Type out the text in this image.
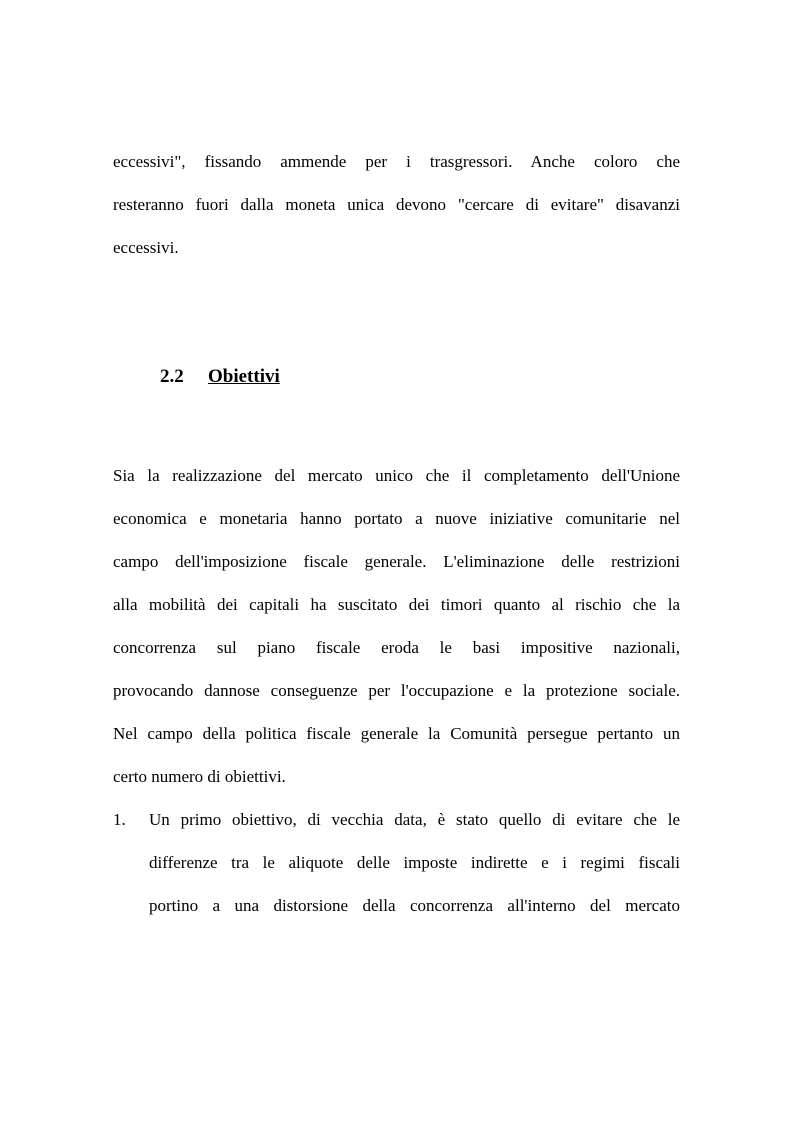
eccessivi", fissando ammende per i trasgressori. Anche coloro che
resteranno fuori dalla moneta unica devono "cercare di evitare" disavanzi
eccessivi.

2.2 Obiettivi

Sia la realizzazione del mercato unico che il completamento dell'Unione
economica e monetaria hanno portato a nuove iniziative comunitarie nel
campo dell'imposizione fiscale generale. L'eliminazione delle restrizioni
alla mobilità dei capitali ha suscitato dei timori quanto al rischio che la
concorrenza sul piano fiscale eroda le basi impositive nazionali,
provocando dannose conseguenze per l'occupazione e la protezione sociale.
Nel campo della politica fiscale generale la Comunità persegue pertanto un
certo numero di obiettivi.

1. Un primo obiettivo, di vecchia data, è stato quello di evitare che le
differenze tra le aliquote delle imposte indirette e i regimi fiscali
portino a una distorsione della concorrenza all'interno del mercato
